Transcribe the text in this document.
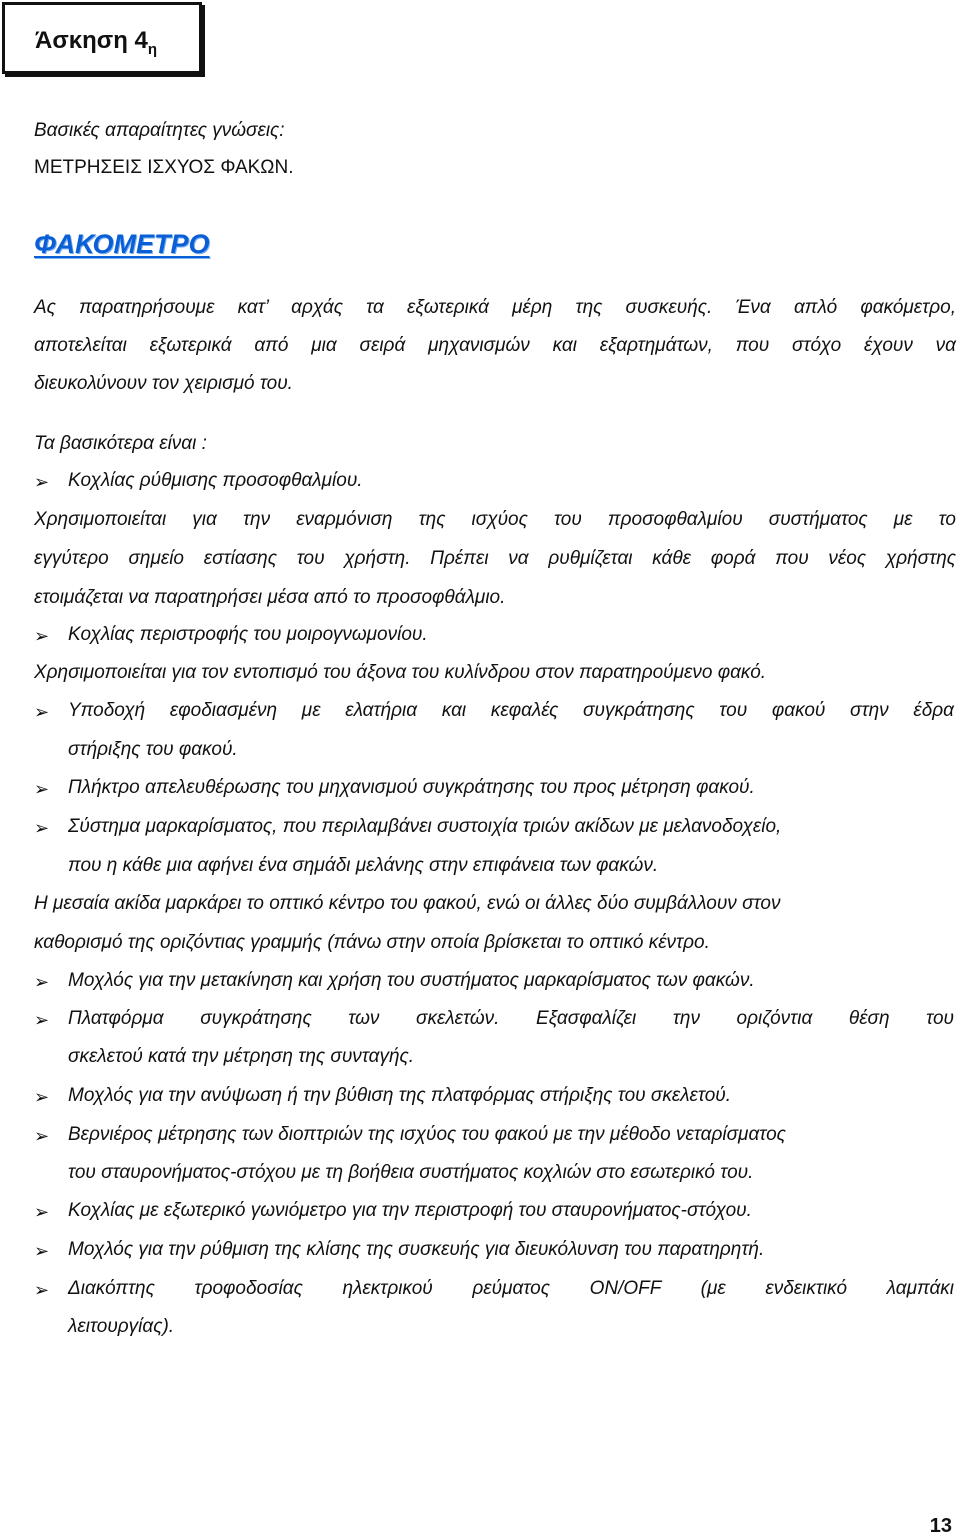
Άσκηση $4_\eta$
Βασικές απαραίτητες γνώσεις:
ΜΕΤΡΗΣΕΙΣ ΙΣΧΥΟΣ ΦΑΚΩΝ.
ΦΑΚΟΜΕΤΡΟ
Ας παρατηρήσουμε κατ’ αρχάς τα εξωτερικά μέρη της συσκευής. Ένα απλό φακόμετρο,
αποτελείται εξωτερικά από μια σειρά μηχανισμών και εξαρτημάτων, που στόχο έχουν να
διευκολύνουν τον χειρισμό του.
Τα βασικότερα είναι :
➢ Κοχλίας ρύθμισης προσοφθαλμίου.
Χρησιμοποιείται για την εναρμόνιση της ισχύος του προσοφθαλμίου συστήματος με το
εγγύτερο σημείο εστίασης του χρήστη. Πρέπει να ρυθμίζεται κάθε φορά που νέος χρήστης
ετοιμάζεται να παρατηρήσει μέσα από το προσοφθάλμιο.
➢ Κοχλίας περιστροφής του μοιρογνωμονίου.
Χρησιμοποιείται για τον εντοπισμό του άξονα του κυλίνδρου στον παρατηρούμενο φακό.
➢ Υποδοχή εφοδιασμένη με ελατήρια και κεφαλές συγκράτησης του φακού στην έδρα
στήριξης του φακού.
➢ Πλήκτρο απελευθέρωσης του μηχανισμού συγκράτησης του προς μέτρηση φακού.
➢ Σύστημα μαρκαρίσματος, που περιλαμβάνει συστοιχία τριών ακίδων με μελανοδοχείο,
που η κάθε μια αφήνει ένα σημάδι μελάνης στην επιφάνεια των φακών.
Η μεσαία ακίδα μαρκάρει το οπτικό κέντρο του φακού, ενώ οι άλλες δύο συμβάλλουν στον
καθορισμό της οριζόντιας γραμμής (πάνω στην οποία βρίσκεται το οπτικό κέντρο.
➢ Μοχλός για την μετακίνηση και χρήση του συστήματος μαρκαρίσματος των φακών.
➢ Πλατφόρμα συγκράτησης των σκελετών. Εξασφαλίζει την οριζόντια θέση του
σκελετού κατά την μέτρηση της συνταγής.
➢ Μοχλός για την ανύψωση ή την βύθιση της πλατφόρμας στήριξης του σκελετού.
➢ Βερνιέρος μέτρησης των διοπτριών της ισχύος του φακού με την μέθοδο νεταρίσματος
του σταυρονήματος-στόχου με τη βοήθεια συστήματος κοχλιών στο εσωτερικό του.
➢ Κοχλίας με εξωτερικό γωνιόμετρο για την περιστροφή του σταυρονήματος-στόχου.
➢ Μοχλός για την ρύθμιση της κλίσης της συσκευής για διευκόλυνση του παρατηρητή.
➢ Διακόπτης τροφοδοσίας ηλεκτρικού ρεύματος ON/OFF (με ενδεικτικό λαμπάκι
λειτουργίας).
13
